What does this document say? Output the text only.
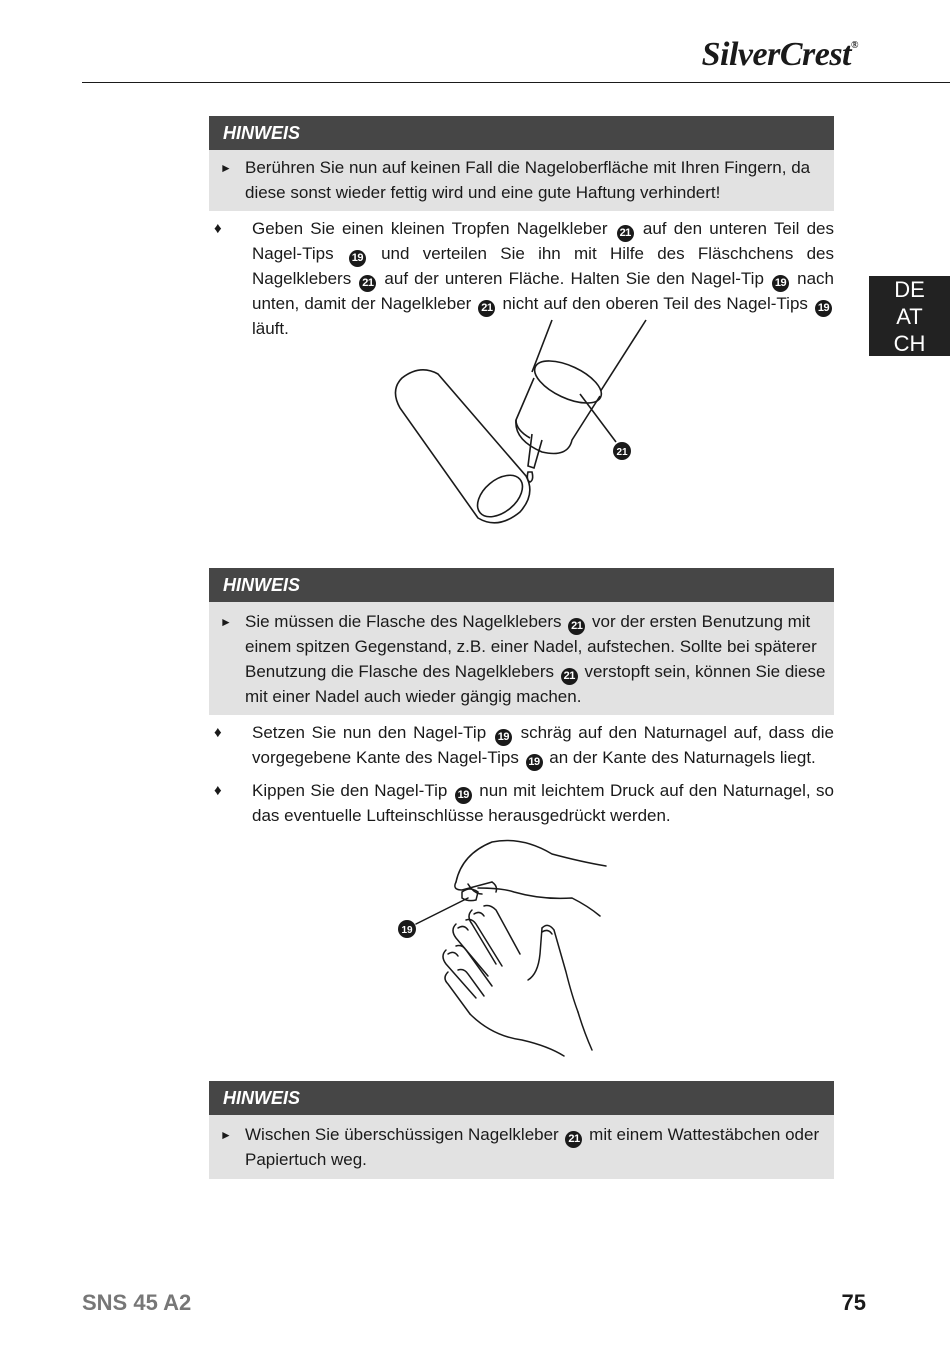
SilverCrest®
DE
AT
CH
HINWEIS
► Berühren Sie nun auf keinen Fall die Nageloberfläche mit Ihren Fingern, da diese sonst wieder fettig wird und eine gute Haftung verhindert!
♦	Geben Sie einen kleinen Tropfen Nagelkleber 21 auf den unteren Teil des Nagel-Tips 19 und verteilen Sie ihn mit Hilfe des Fläschchens des Nagelklebers 21 auf der unteren Fläche. Halten Sie den Nagel-Tip 19 nach unten, damit der Nagelkleber 21 nicht auf den oberen Teil des Nagel-Tips 19 läuft.
21
HINWEIS
► Sie müssen die Flasche des Nagelklebers 21 vor der ersten Benutzung mit einem spitzen Gegenstand, z.B. einer Nadel, aufstechen. Sollte bei späterer Benutzung die Flasche des Nagelklebers 21 verstopft sein, können Sie diese mit einer Nadel auch wieder gängig machen.
♦	Setzen Sie nun den Nagel-Tip 19 schräg auf den Naturnagel auf, dass die vorgegebene Kante des Nagel-Tips 19 an der Kante des Naturnagels liegt.
♦	Kippen Sie den Nagel-Tip 19 nun mit leichtem Druck auf den Naturnagel, so das eventuelle Lufteinschlüsse herausgedrückt werden.
19
HINWEIS
► Wischen Sie überschüssigen Nagelkleber 21 mit einem Wattestäbchen oder Papiertuch weg.
SNS 45 A2	75
